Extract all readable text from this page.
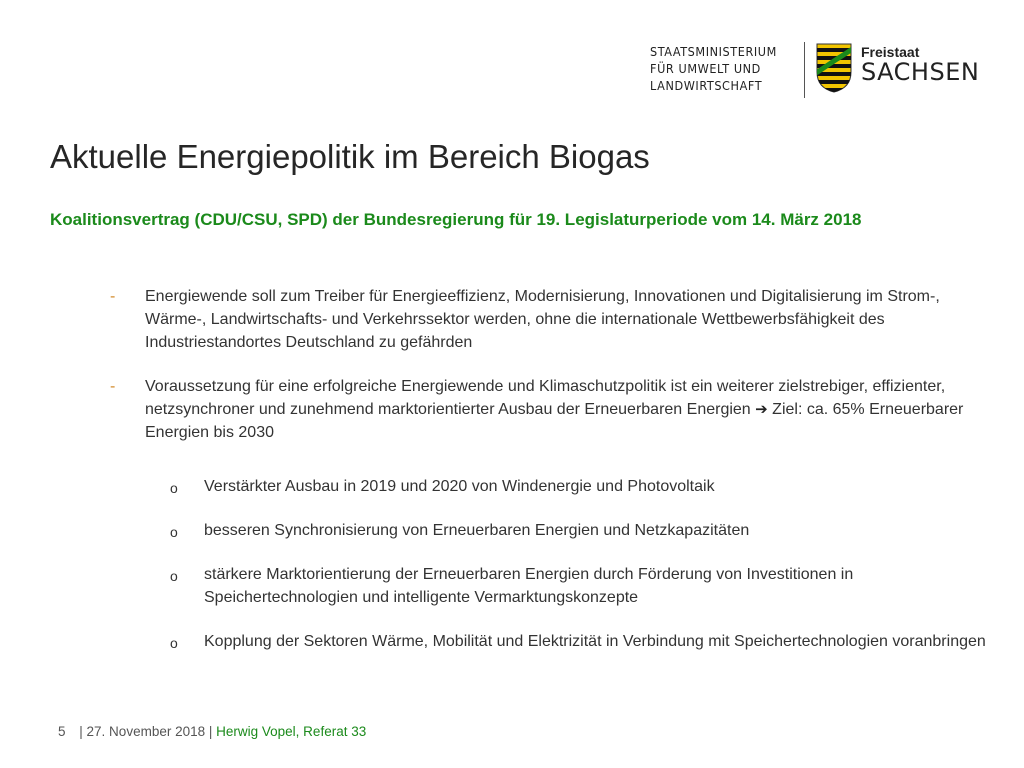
STAATSMINISTERIUM
FÜR UMWELT UND
LANDWIRTSCHAFT
Freistaat
SACHSEN
Aktuelle Energiepolitik im Bereich Biogas
Koalitionsvertrag (CDU/CSU, SPD) der Bundesregierung für 19. Legislaturperiode vom 14. März 2018
- Energiewende soll zum Treiber für Energieeffizienz, Modernisierung, Innovationen und Digitalisierung im Strom-, Wärme-, Landwirtschafts- und Verkehrssektor werden, ohne die internationale Wettbewerbsfähigkeit des Industriestandortes Deutschland zu gefährden
- Voraussetzung für eine erfolgreiche Energiewende und Klimaschutzpolitik ist ein weiterer zielstrebiger, effizienter, netzsynchroner und zunehmend marktorientierter Ausbau der Erneuerbaren Energien ➔ Ziel: ca. 65% Erneuerbarer Energien bis 2030
o Verstärkter Ausbau in 2019 und 2020 von Windenergie und Photovoltaik
o besseren Synchronisierung von Erneuerbaren Energien und Netzkapazitäten
o stärkere Marktorientierung der Erneuerbaren Energien durch Förderung von Investitionen in Speichertechnologien und intelligente Vermarktungskonzepte
o Kopplung der Sektoren Wärme, Mobilität und Elektrizität in Verbindung mit Speichertechnologien voranbringen
5 | 27. November 2018 | Herwig Vopel, Referat 33
